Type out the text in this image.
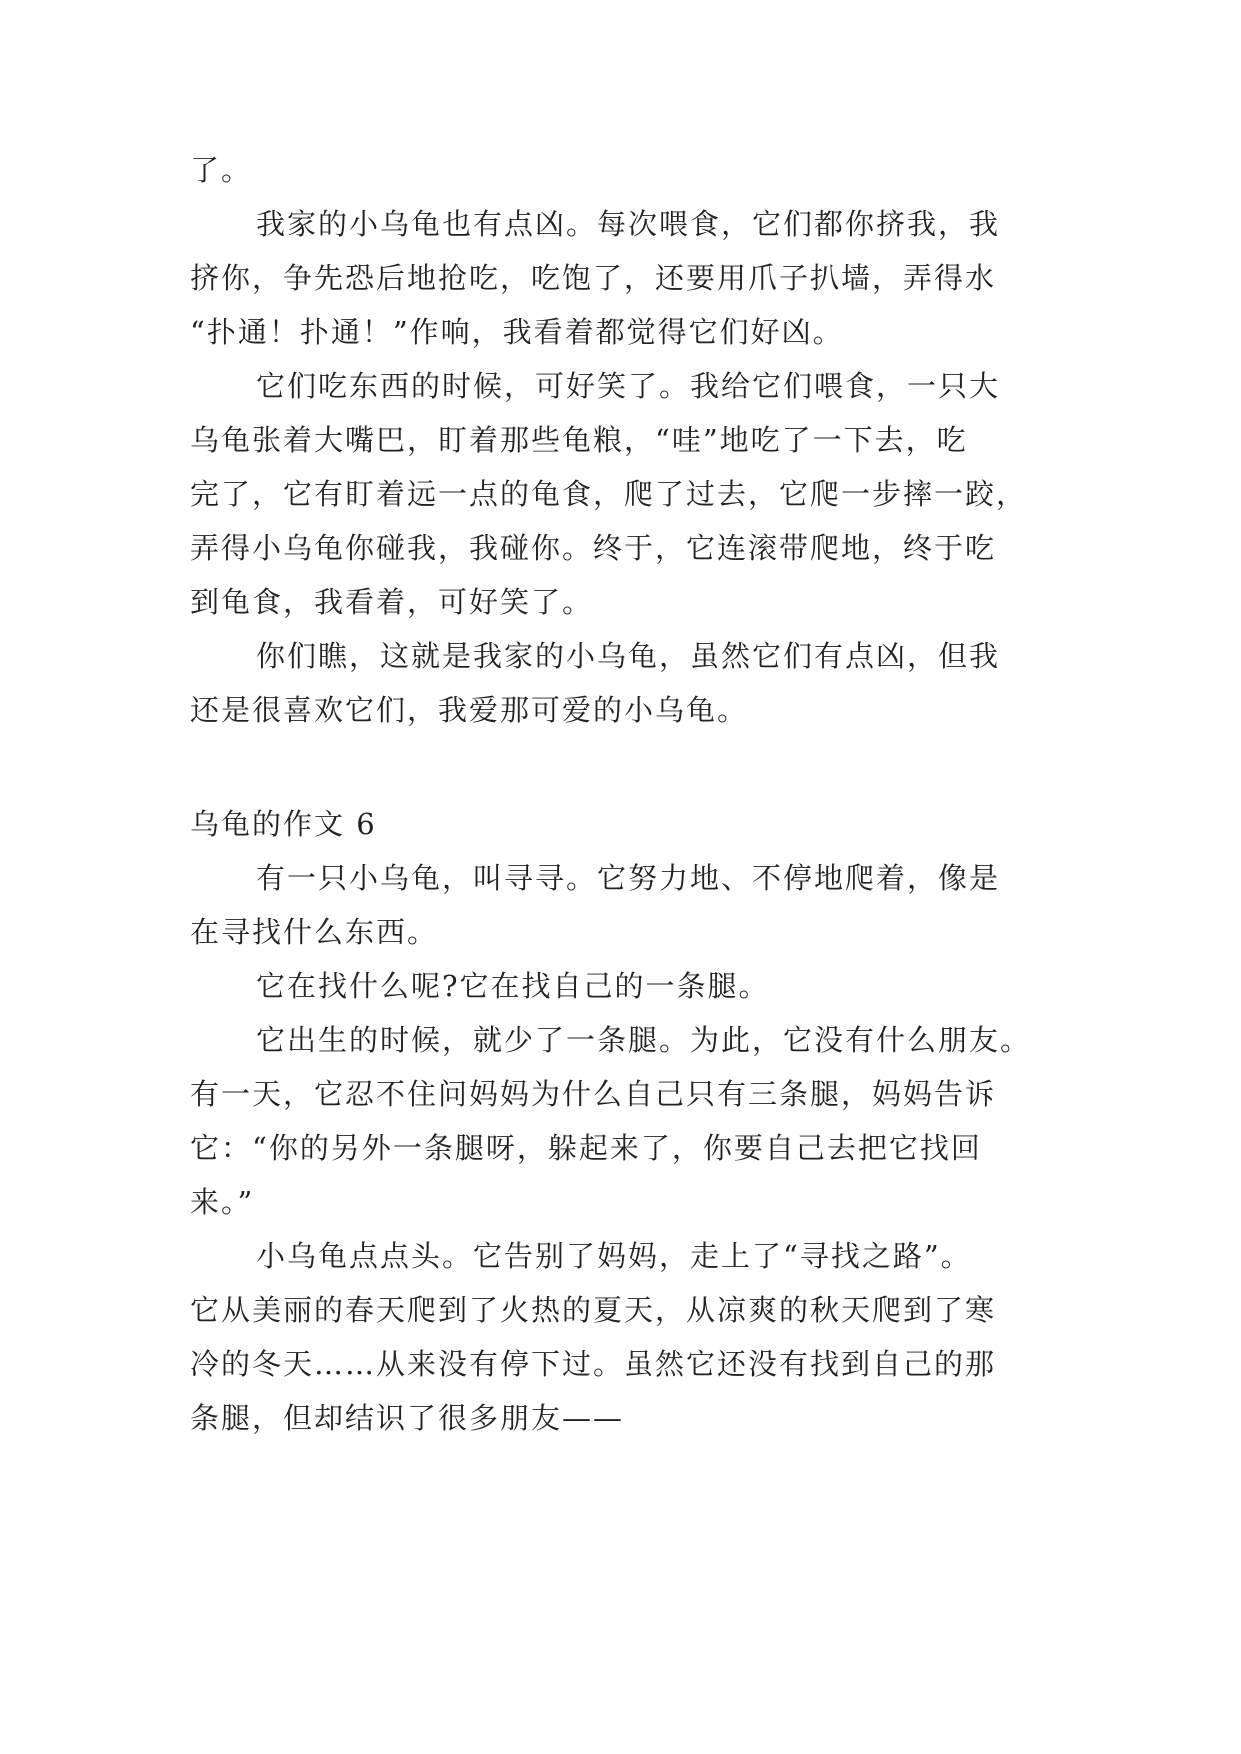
了。
我家的小乌龟也有点凶。每次喂食，它们都你挤我，我
挤你，争先恐后地抢吃，吃饱了，还要用爪子扒墙，弄得水
“扑通！扑通！”作响，我看着都觉得它们好凶。
它们吃东西的时候，可好笑了。我给它们喂食，一只大
乌龟张着大嘴巴，盯着那些龟粮，“哇”地吃了一下去，吃
完了，它有盯着远一点的龟食，爬了过去，它爬一步摔一跤，
弄得小乌龟你碰我，我碰你。终于，它连滚带爬地，终于吃
到龟食，我看着，可好笑了。
你们瞧，这就是我家的小乌龟，虽然它们有点凶，但我
还是很喜欢它们，我爱那可爱的小乌龟。
乌龟的作文 6
有一只小乌龟，叫寻寻。它努力地、不停地爬着，像是
在寻找什么东西。
它在找什么呢?它在找自己的一条腿。
它出生的时候，就少了一条腿。为此，它没有什么朋友。
有一天，它忍不住问妈妈为什么自己只有三条腿，妈妈告诉
它：“你的另外一条腿呀，躲起来了，你要自己去把它找回
来。”
小乌龟点点头。它告别了妈妈，走上了“寻找之路”。
它从美丽的春天爬到了火热的夏天，从凉爽的秋天爬到了寒
冷的冬天……从来没有停下过。虽然它还没有找到自己的那
条腿，但却结识了很多朋友——
